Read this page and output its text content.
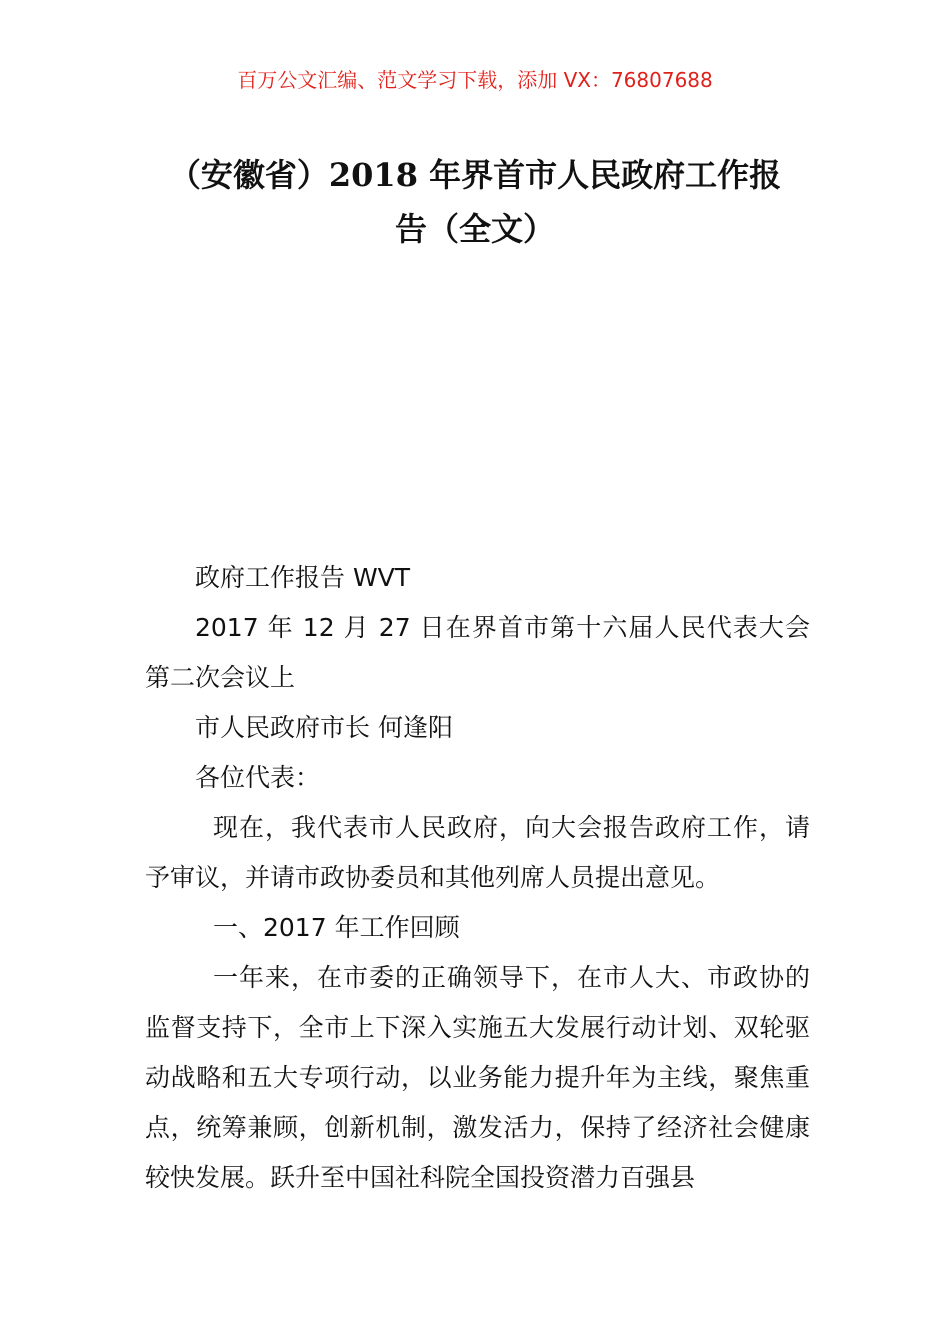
百万公文汇编、范文学习下载，添加 VX：76807688
（安徽省）2018 年界首市人民政府工作报
告（全文）

政府工作报告 WVT

2017 年 12 月 27 日在界首市第十六届人民代表大会第二次会议上

市人民政府市长 何逢阳

各位代表：

现在，我代表市人民政府，向大会报告政府工作，请予审议，并请市政协委员和其他列席人员提出意见。

一、2017 年工作回顾

一年来，在市委的正确领导下，在市人大、市政协的监督支持下，全市上下深入实施五大发展行动计划、双轮驱动战略和五大专项行动，以业务能力提升年为主线，聚焦重点，统筹兼顾，创新机制，激发活力，保持了经济社会健康较快发展。跃升至中国社科院全国投资潜力百强县
